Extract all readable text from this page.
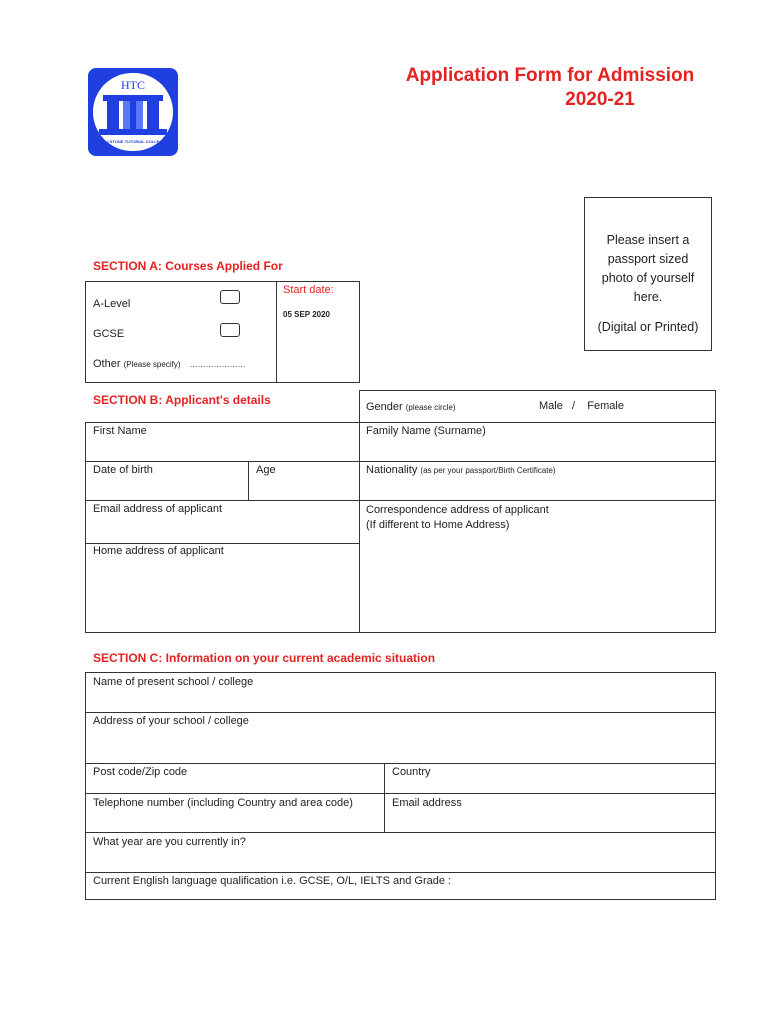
HTC
HILLSTONE TUTORIAL COLLEGE
Application Form for Admission
2020-21
Please insert a
passport sized
photo of yourself
here.
(Digital or Printed)
SECTION A: Courses Applied For
A-Level
GCSE
Other (Please specify) …………………
Start date:
05 SEP 2020
SECTION B: Applicant's details	Gender (please circle)	Male   /    Female
First Name	Family Name (Surname)
Date of birth	Age	Nationality (as per your passport/Birth Certificate)
Email address of applicant	Correspondence address of applicant
(If different to Home Address)
Home address of applicant
SECTION C: Information on your current academic situation
Name of present school / college
Address of your school / college
Post code/Zip code	Country
Telephone number (including Country and area code)	Email address
What year are you currently in?
Current English language qualification i.e. GCSE, O/L, IELTS and Grade :
